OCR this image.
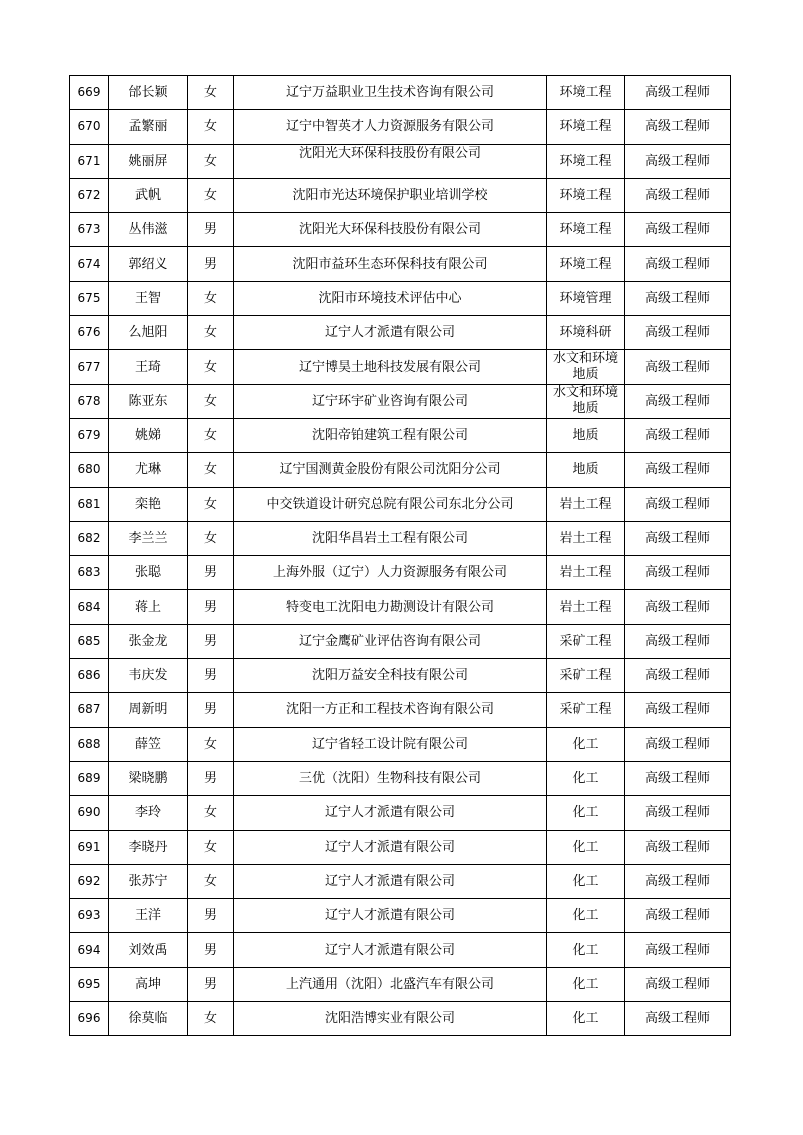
669	邰长颖	女	辽宁万益职业卫生技术咨询有限公司	环境工程	高级工程师
670	孟繁丽	女	辽宁中智英才人力资源服务有限公司	环境工程	高级工程师
671	姚丽屏	女	沈阳光大环保科技股份有限公司	环境工程	高级工程师
672	武帆	女	沈阳市光达环境保护职业培训学校	环境工程	高级工程师
673	丛伟滋	男	沈阳光大环保科技股份有限公司	环境工程	高级工程师
674	郭绍义	男	沈阳市益环生态环保科技有限公司	环境工程	高级工程师
675	王智	女	沈阳市环境技术评估中心	环境管理	高级工程师
676	么旭阳	女	辽宁人才派遣有限公司	环境科研	高级工程师
677	王琦	女	辽宁博昊土地科技发展有限公司	水文和环境地质	高级工程师
678	陈亚东	女	辽宁环宇矿业咨询有限公司	水文和环境地质	高级工程师
679	姚娣	女	沈阳帝铂建筑工程有限公司	地质	高级工程师
680	尤琳	女	辽宁国测黄金股份有限公司沈阳分公司	地质	高级工程师
681	栾艳	女	中交铁道设计研究总院有限公司东北分公司	岩土工程	高级工程师
682	李兰兰	女	沈阳华昌岩土工程有限公司	岩土工程	高级工程师
683	张聪	男	上海外服（辽宁）人力资源服务有限公司	岩土工程	高级工程师
684	蒋上	男	特变电工沈阳电力勘测设计有限公司	岩土工程	高级工程师
685	张金龙	男	辽宁金鹰矿业评估咨询有限公司	采矿工程	高级工程师
686	韦庆发	男	沈阳万益安全科技有限公司	采矿工程	高级工程师
687	周新明	男	沈阳一方正和工程技术咨询有限公司	采矿工程	高级工程师
688	薛笠	女	辽宁省轻工设计院有限公司	化工	高级工程师
689	梁晓鹏	男	三优（沈阳）生物科技有限公司	化工	高级工程师
690	李玲	女	辽宁人才派遣有限公司	化工	高级工程师
691	李晓丹	女	辽宁人才派遣有限公司	化工	高级工程师
692	张苏宁	女	辽宁人才派遣有限公司	化工	高级工程师
693	王洋	男	辽宁人才派遣有限公司	化工	高级工程师
694	刘效禹	男	辽宁人才派遣有限公司	化工	高级工程师
695	高坤	男	上汽通用（沈阳）北盛汽车有限公司	化工	高级工程师
696	徐莫临	女	沈阳浩博实业有限公司	化工	高级工程师
